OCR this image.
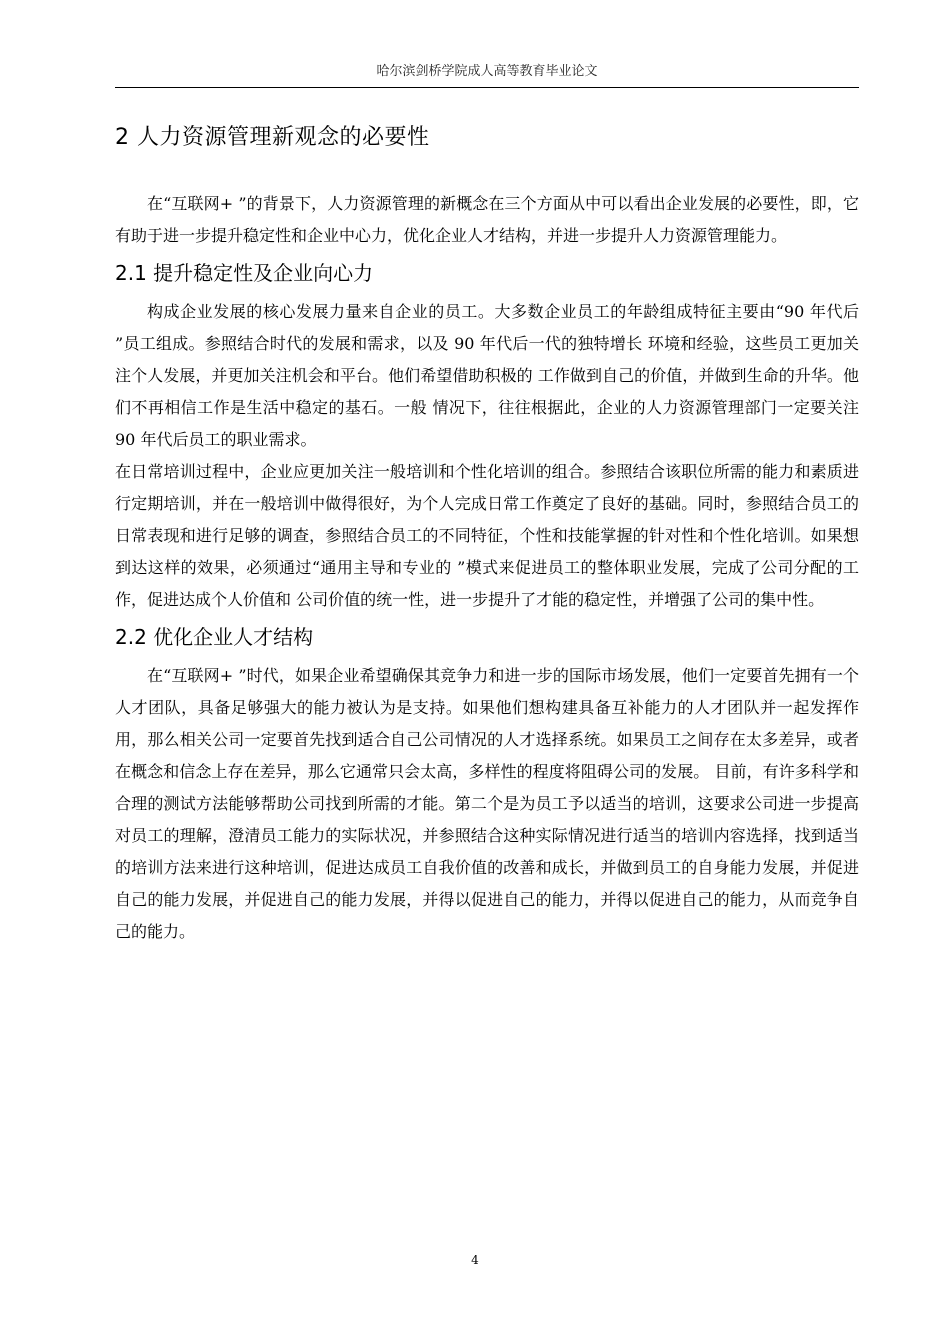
哈尔滨剑桥学院成人高等教育毕业论文
2 人力资源管理新观念的必要性

在“互联网+ ”的背景下，人力资源管理的新概念在三个方面从中可以看出企业发展的必要性，即，它有助于进一步提升稳定性和企业中心力，优化企业人才结构，并进一步提升人力资源管理能力。

2.1 提升稳定性及企业向心力

构成企业发展的核心发展力量来自企业的员工。大多数企业员工的年龄组成特征主要由“90 年代后 ”员工组成。参照结合时代的发展和需求，以及 90 年代后一代的独特增长 环境和经验，这些员工更加关注个人发展，并更加关注机会和平台。他们希望借助积极的 工作做到自己的价值，并做到生命的升华。他们不再相信工作是生活中稳定的基石。一般 情况下，往往根据此，企业的人力资源管理部门一定要关注 90 年代后员工的职业需求。

在日常培训过程中，企业应更加关注一般培训和个性化培训的组合。参照结合该职位所需的能力和素质进行定期培训，并在一般培训中做得很好，为个人完成日常工作奠定了良好的基础。同时，参照结合员工的日常表现和进行足够的调查，参照结合员工的不同特征，个性和技能掌握的针对性和个性化培训。如果想到达这样的效果，必须通过“通用主导和专业的 ”模式来促进员工的整体职业发展，完成了公司分配的工作，促进达成个人价值和 公司价值的统一性，进一步提升了才能的稳定性，并增强了公司的集中性。

2.2 优化企业人才结构

在“互联网+ ”时代，如果企业希望确保其竞争力和进一步的国际市场发展，他们一定要首先拥有一个人才团队，具备足够强大的能力被认为是支持。如果他们想构建具备互补能力的人才团队并一起发挥作用，那么相关公司一定要首先找到适合自己公司情况的人才选择系统。如果员工之间存在太多差异，或者在概念和信念上存在差异，那么它通常只会太高，多样性的程度将阻碍公司的发展。 目前，有许多科学和合理的测试方法能够帮助公司找到所需的才能。第二个是为员工予以适当的培训，这要求公司进一步提高对员工的理解，澄清员工能力的实际状况，并参照结合这种实际情况进行适当的培训内容选择，找到适当的培训方法来进行这种培训，促进达成员工自我价值的改善和成长，并做到员工的自身能力发展，并促进自己的能力发展，并促进自己的能力发展，并得以促进自己的能力，并得以促进自己的能力，从而竞争自己的能力。

4
